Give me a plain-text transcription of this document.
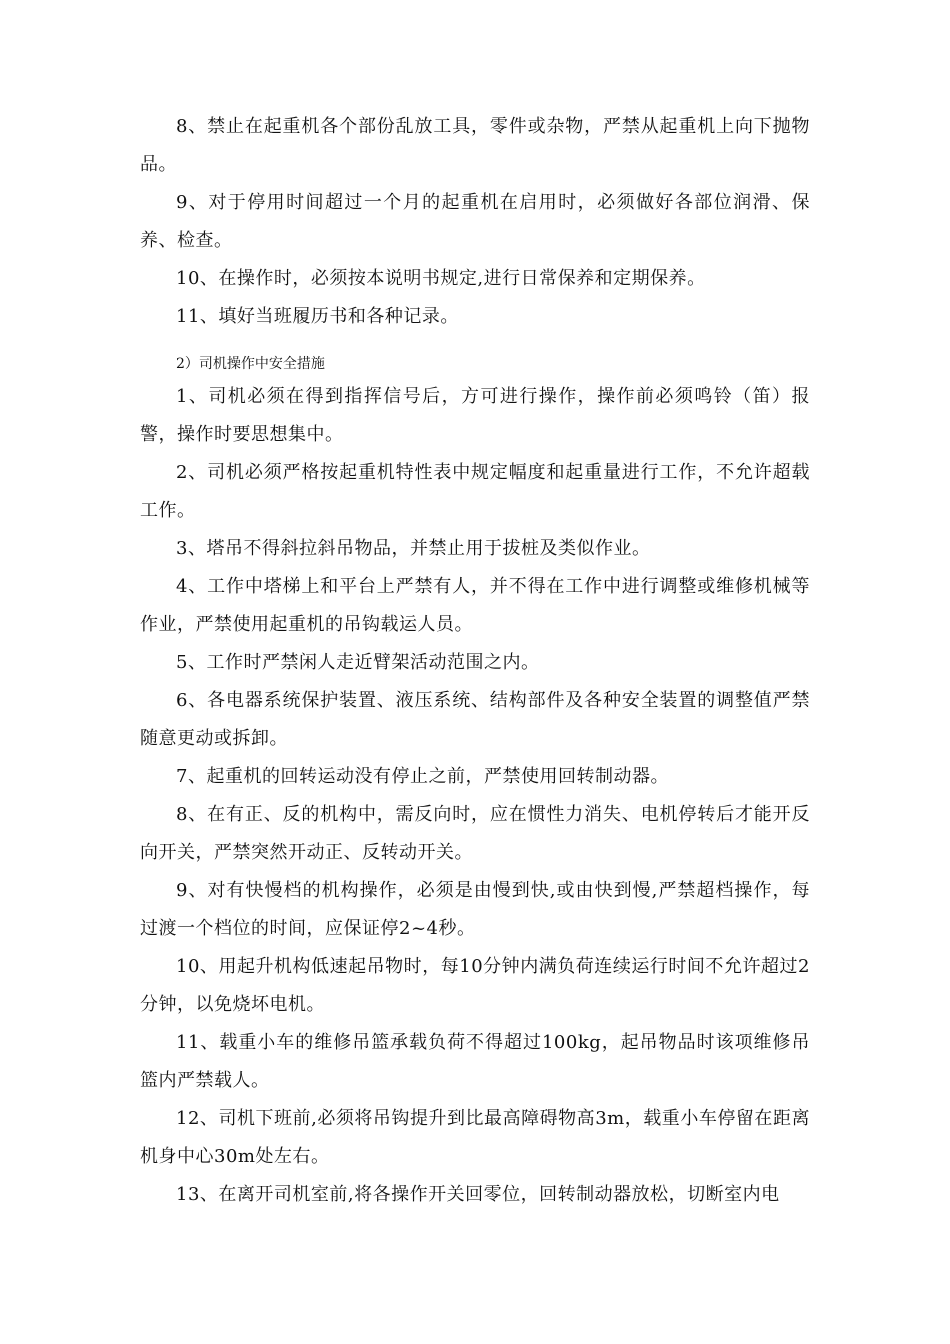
8、禁止在起重机各个部份乱放工具，零件或杂物，严禁从起重机上向下抛物品。

9、对于停用时间超过一个月的起重机在启用时，必须做好各部位润滑、保养、检查。

10、在操作时，必须按本说明书规定,进行日常保养和定期保养。

11、填好当班履历书和各种记录。

2）司机操作中安全措施

1、司机必须在得到指挥信号后，方可进行操作，操作前必须鸣铃（笛）报警，操作时要思想集中。

2、司机必须严格按起重机特性表中规定幅度和起重量进行工作，不允许超载工作。

3、塔吊不得斜拉斜吊物品，并禁止用于拔桩及类似作业。

4、工作中塔梯上和平台上严禁有人，并不得在工作中进行调整或维修机械等作业，严禁使用起重机的吊钩载运人员。

5、工作时严禁闲人走近臂架活动范围之内。

6、各电器系统保护装置、液压系统、结构部件及各种安全装置的调整值严禁随意更动或拆卸。

7、起重机的回转运动没有停止之前，严禁使用回转制动器。

8、在有正、反的机构中，需反向时，应在惯性力消失、电机停转后才能开反向开关，严禁突然开动正、反转动开关。

9、对有快慢档的机构操作，必须是由慢到快,或由快到慢,严禁超档操作，每过渡一个档位的时间，应保证停2~4秒。

10、用起升机构低速起吊物时，每10分钟内满负荷连续运行时间不允许超过2分钟，以免烧坏电机。

11、载重小车的维修吊篮承载负荷不得超过100kg，起吊物品时该项维修吊篮内严禁载人。

12、司机下班前,必须将吊钩提升到比最高障碍物高3m，载重小车停留在距离机身中心30m处左右。

13、在离开司机室前,将各操作开关回零位，回转制动器放松，切断室内电
